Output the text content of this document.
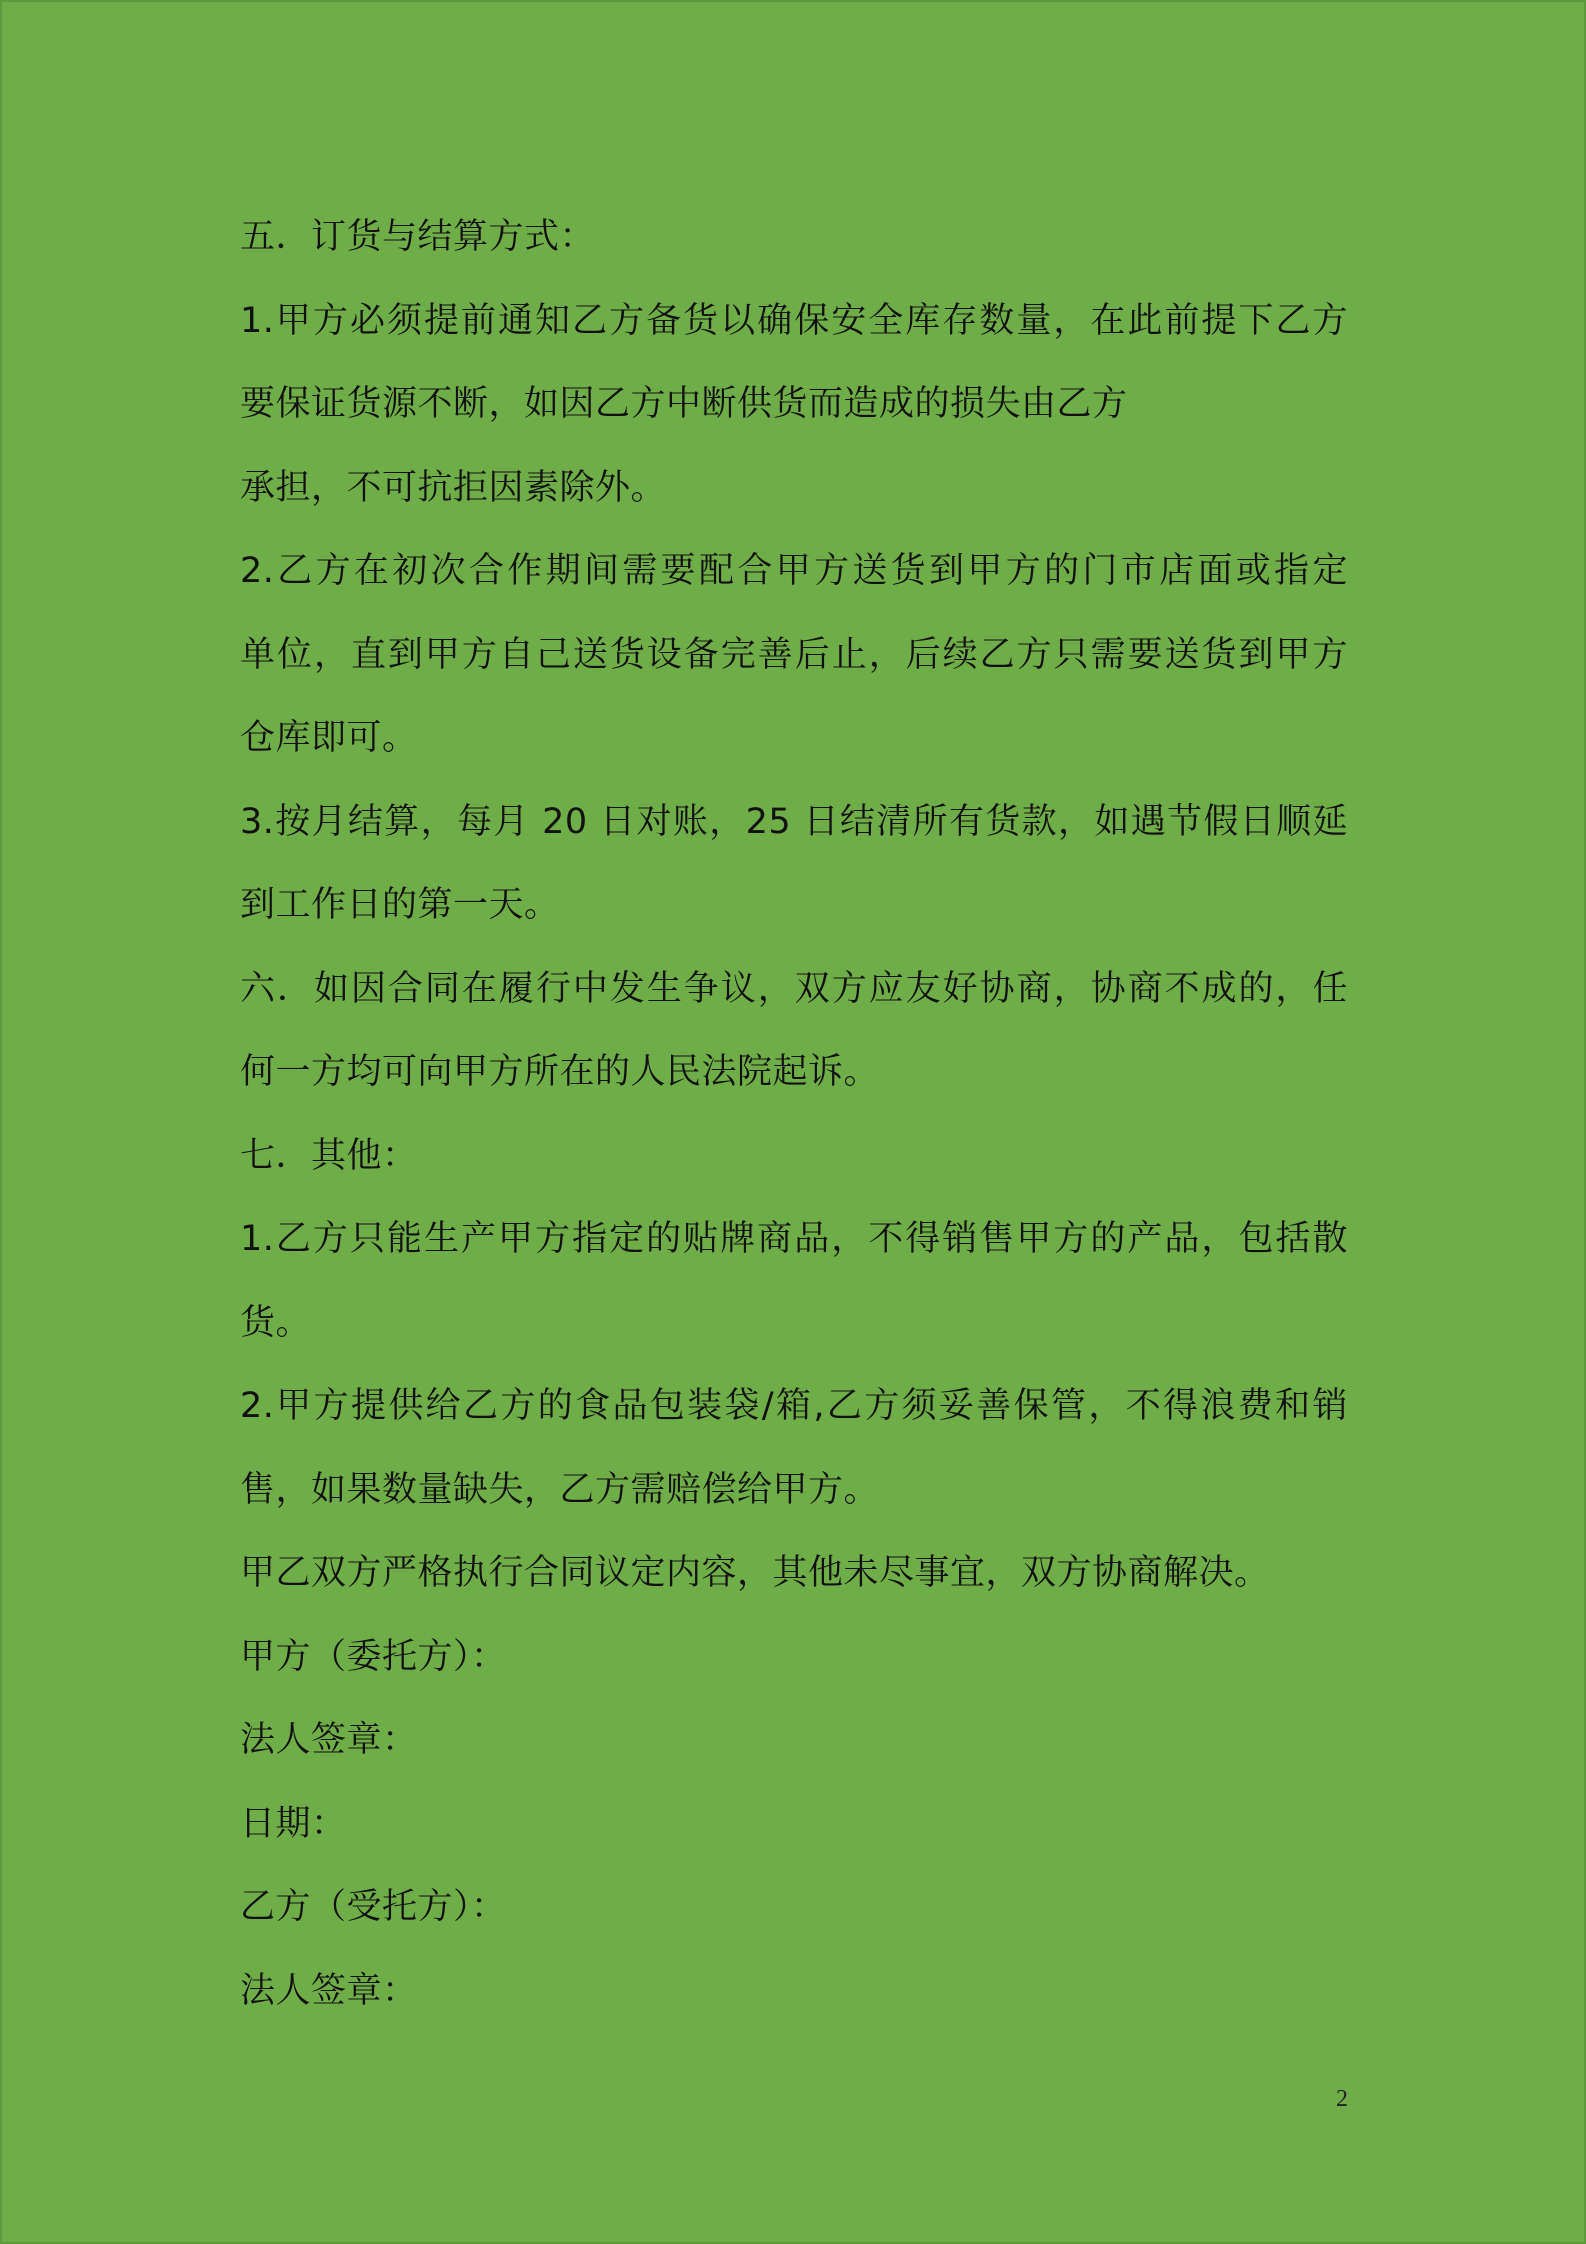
五．订货与结算方式：
1.甲方必须提前通知乙方备货以确保安全库存数量，在此前提下乙方
要保证货源不断，如因乙方中断供货而造成的损失由乙方
承担，不可抗拒因素除外。
2.乙方在初次合作期间需要配合甲方送货到甲方的门市店面或指定
单位，直到甲方自己送货设备完善后止，后续乙方只需要送货到甲方
仓库即可。
3.按月结算，每月 20 日对账，25 日结清所有货款，如遇节假日顺延
到工作日的第一天。
六．如因合同在履行中发生争议，双方应友好协商，协商不成的，任
何一方均可向甲方所在的人民法院起诉。
七．其他：
1.乙方只能生产甲方指定的贴牌商品，不得销售甲方的产品，包括散
货。
2.甲方提供给乙方的食品包装袋/箱,乙方须妥善保管，不得浪费和销
售，如果数量缺失，乙方需赔偿给甲方。
甲乙双方严格执行合同议定内容，其他未尽事宜，双方协商解决。
甲方（委托方）：
法人签章：
日期：
乙方（受托方）：
法人签章：
2
